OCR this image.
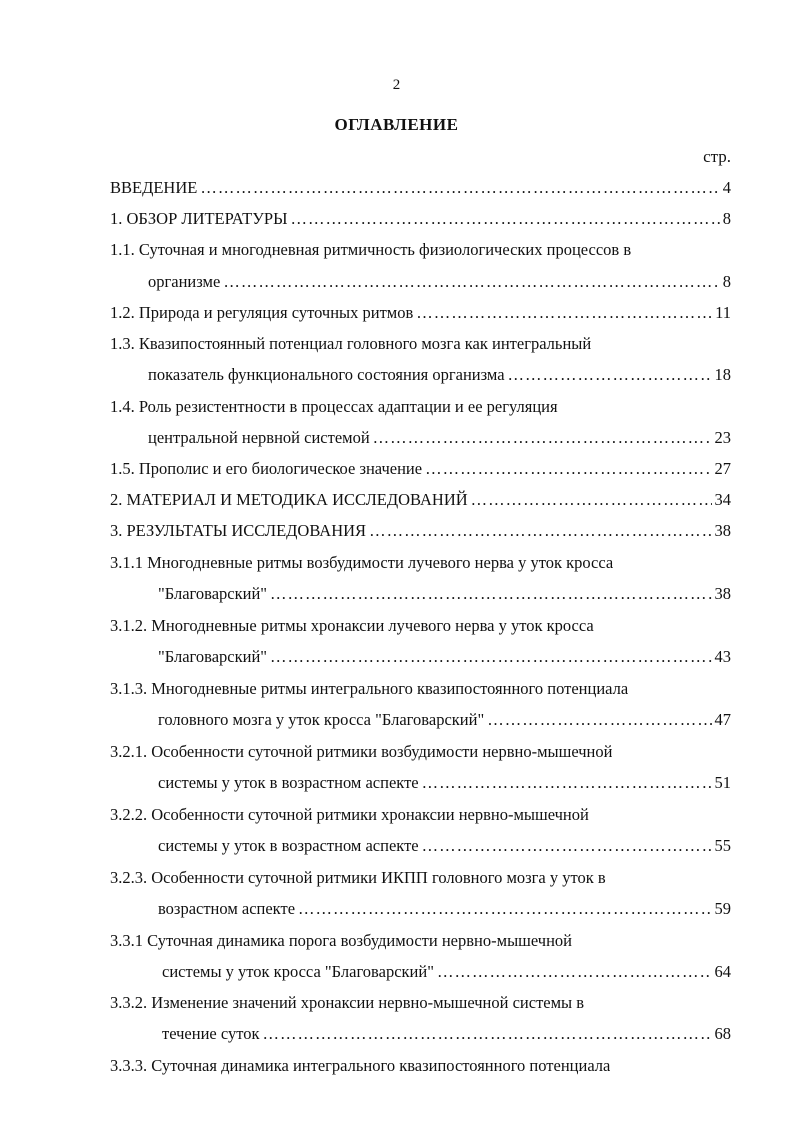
2
ОГЛАВЛЕНИЕ
стр.
ВВЕДЕНИЕ ……………………………………………………………………………………………………………………………	4
1. ОБЗОР ЛИТЕРАТУРЫ ……………………………………………………………………………………………………………………………	8
1.1. Суточная и многодневная ритмичность физиологических процессов в
организме ……………………………………………………………………………………………………………………………	8
1.2. Природа и регуляция суточных ритмов ……………………………………………………………………………………………………………………………	11
1.3. Квазипостоянный потенциал головного мозга как интегральный
показатель функционального состояния организма ……………………………………………………………………………………………………………………………	18
1.4. Роль резистентности в процессах адаптации и ее регуляция
центральной нервной системой ……………………………………………………………………………………………………………………………	23
1.5. Прополис и его биологическое значение ……………………………………………………………………………………………………………………………	27
2. МАТЕРИАЛ И МЕТОДИКА ИССЛЕДОВАНИЙ ……………………………………………………………………………………………………………………………	34
3. РЕЗУЛЬТАТЫ ИССЛЕДОВАНИЯ ……………………………………………………………………………………………………………………………	38
3.1.1 Многодневные ритмы возбудимости лучевого нерва у уток кросса
"Благоварский" ……………………………………………………………………………………………………………………………	38
3.1.2. Многодневные ритмы хронаксии лучевого нерва у уток кросса
"Благоварский" ……………………………………………………………………………………………………………………………	43
3.1.3. Многодневные ритмы интегрального квазипостоянного потенциала
головного мозга у уток кросса "Благоварский" ……………………………………………………………………………………………………………………………	47
3.2.1. Особенности суточной ритмики возбудимости нервно-мышечной
системы у уток в возрастном аспекте ……………………………………………………………………………………………………………………………	51
3.2.2. Особенности суточной ритмики хронаксии нервно-мышечной
системы у уток в возрастном аспекте ……………………………………………………………………………………………………………………………	55
3.2.3. Особенности суточной ритмики ИКПП головного мозга у уток в
возрастном аспекте ……………………………………………………………………………………………………………………………	59
3.3.1 Суточная динамика порога возбудимости нервно-мышечной
системы у уток кросса "Благоварский" ……………………………………………………………………………………………………………………………	64
3.3.2. Изменение значений хронаксии нервно-мышечной системы в
течение суток ……………………………………………………………………………………………………………………………	68
3.3.3. Суточная динамика интегрального квазипостоянного потенциала
